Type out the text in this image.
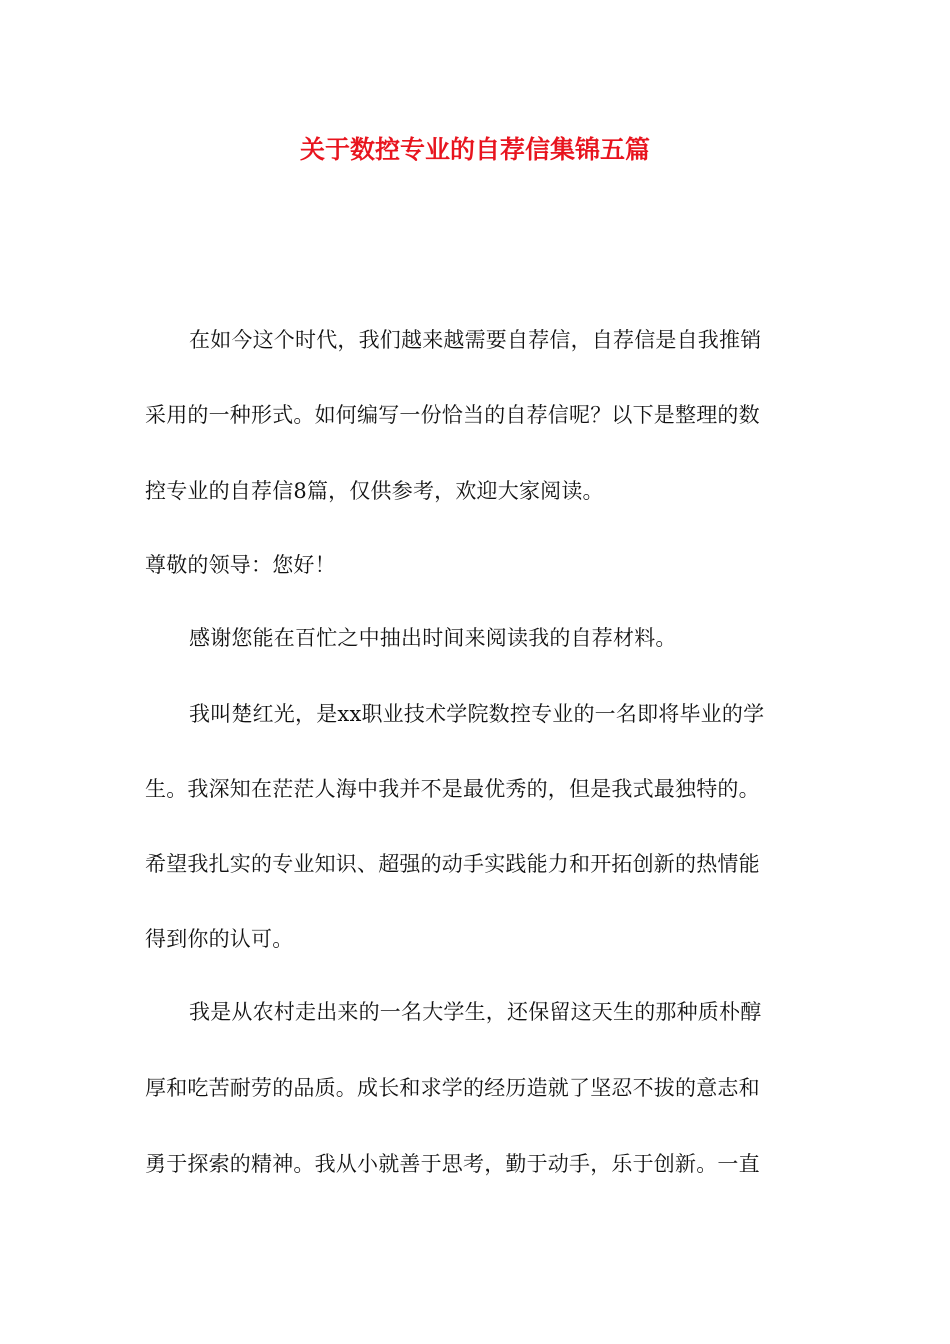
关于数控专业的自荐信集锦五篇
在如今这个时代，我们越来越需要自荐信，自荐信是自我推销
采用的一种形式。如何编写一份恰当的自荐信呢？以下是整理的数
控专业的自荐信8篇，仅供参考，欢迎大家阅读。
尊敬的领导：您好！
感谢您能在百忙之中抽出时间来阅读我的自荐材料。
我叫楚红光，是xx职业技术学院数控专业的一名即将毕业的学
生。我深知在茫茫人海中我并不是最优秀的，但是我式最独特的。
希望我扎实的专业知识、超强的动手实践能力和开拓创新的热情能
得到你的认可。
我是从农村走出来的一名大学生，还保留这天生的那种质朴醇
厚和吃苦耐劳的品质。成长和求学的经历造就了坚忍不拔的意志和
勇于探索的精神。我从小就善于思考，勤于动手，乐于创新。一直
